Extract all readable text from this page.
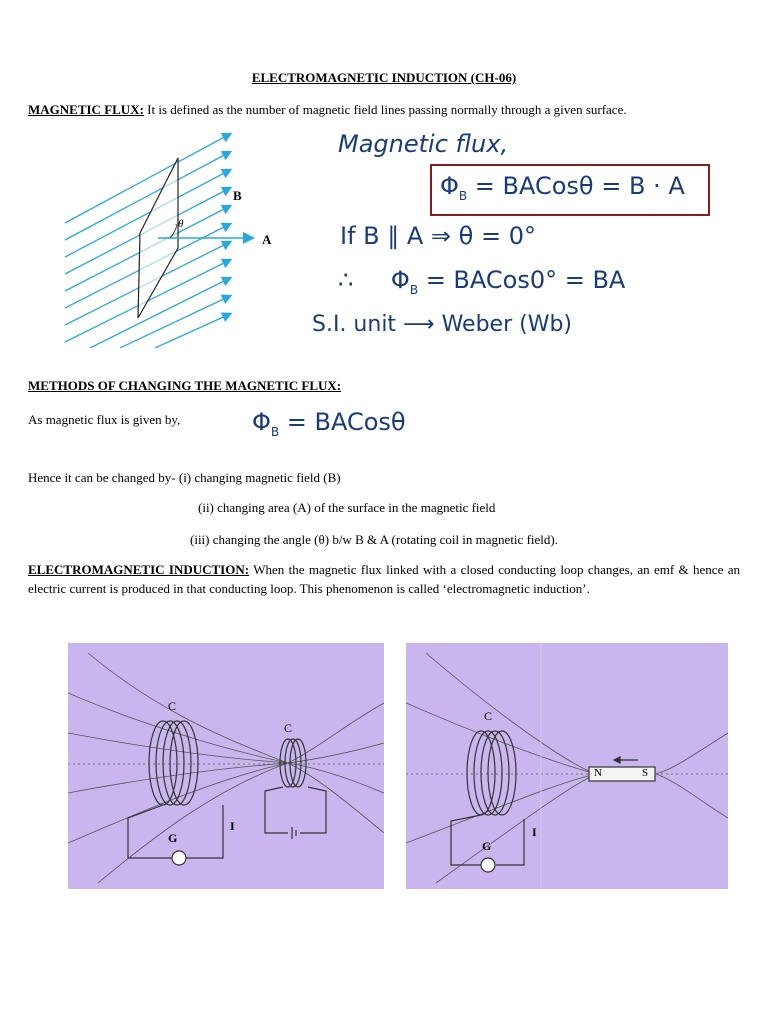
ELECTROMAGNETIC INDUCTION (CH-06)
MAGNETIC FLUX: It is defined as the number of magnetic field lines passing normally through a given surface.
θ
B
A
Magnetic flux,
$\Phi_B$ = BACosθ = B · A
If B ∥ A ⇒ θ = 0°
∴ $\Phi_B$ = BACos0° = BA
S.I. unit ⟶ Weber (Wb)
METHODS OF CHANGING THE MAGNETIC FLUX:
As magnetic flux is given by,	$\Phi_B$ = BACosθ
Hence it can be changed by- (i) changing magnetic field (B)
(ii) changing area (A) of the surface in the magnetic field
(iii) changing the angle (θ) b/w B & A (rotating coil in magnetic field).
ELECTROMAGNETIC INDUCTION: When the magnetic flux linked with a closed conducting loop changes, an emf & hence an electric current is produced in that conducting loop. This phenomenon is called ‘electromagnetic induction’.
C
C
G
I
C
G
I
N	S
